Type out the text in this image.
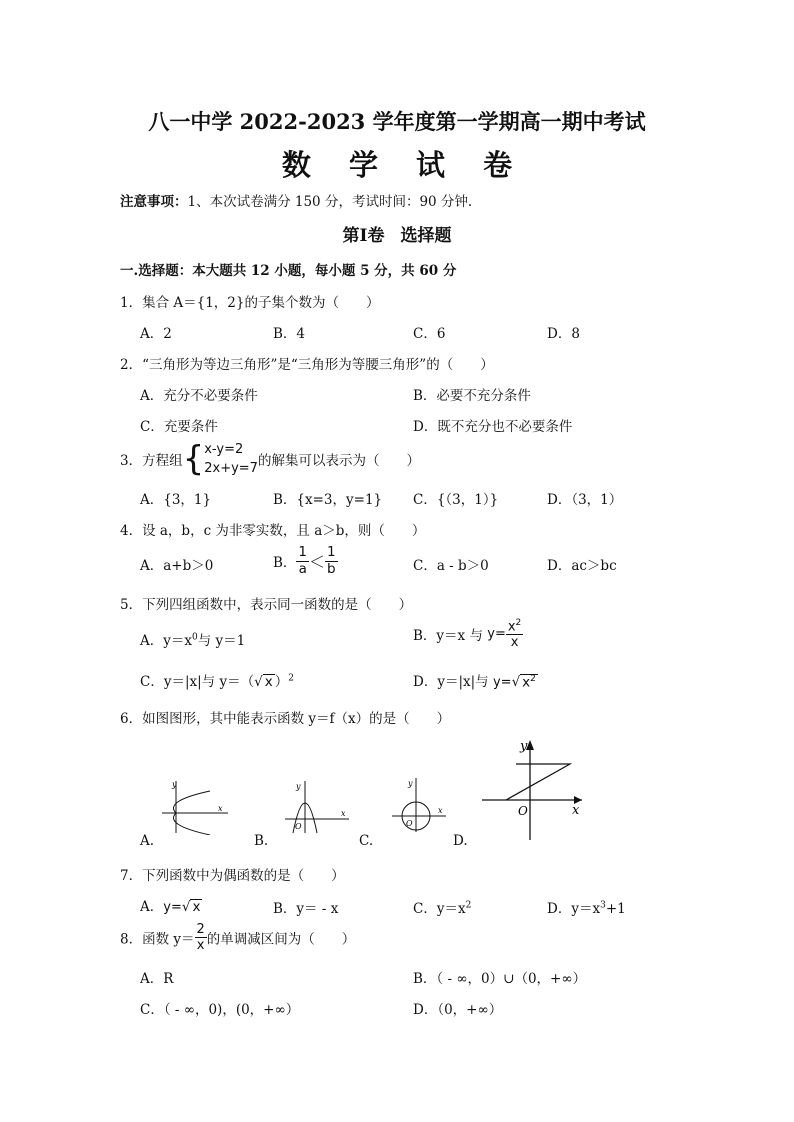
八一中学 2022-2023 学年度第一学期高一期中考试
数 学 试 卷
注意事项：1、本次试卷满分 150 分，考试时间：90 分钟.
第Ⅰ卷 选择题
一.选择题：本大题共 12 小题，每小题 5 分，共 60 分
1．集合 A＝{1，2}的子集个数为（　　）
A．2	B．4	C．6	D．8
2．“三角形为等边三角形”是“三角形为等腰三角形”的（　　）
A．充分不必要条件	B．必要不充分条件
C．充要条件	D．既不充分也不必要条件
3．方程组{ x-y=2
2x+y=7 的解集可以表示为（　　）
A．{3，1}	B．{x=3，y=1} C．{（3，1）}	D．（3，1）
4．设 a，b，c 为非零实数，且 a＞b，则（　　）
A．a+b＞0	B． $\frac{1}{a} < \frac{1}{b}$	C．a - b＞0	D．ac＞bc
5．下列四组函数中，表示同一函数的是（　　）
A．$y=x^0$与 y＝1	B．y＝x 与 $y= \frac{x^2}{x}$
C．y＝|x|与 y＝（√ x ）$^2$	D．y＝|x|与 y=√ $x^2$
6．如图图形，其中能表示函数 y＝f（x）的是（　　）
y
x
A.
y
O
x
B.
y
O
x
C.
y
O	x
D.
7．下列函数中为偶函数的是（　　）
A．y=√ x	B．y＝ - x	C．$y=x^2$	D．$y=x^3+1$
8．函数 $y= \frac{2}{x}$ 的单调减区间为（　　）
A．R	B．（ - ∞，0）∪（0，+∞）
C．（ - ∞，0)，(0，+∞）	D．（0，+∞）
